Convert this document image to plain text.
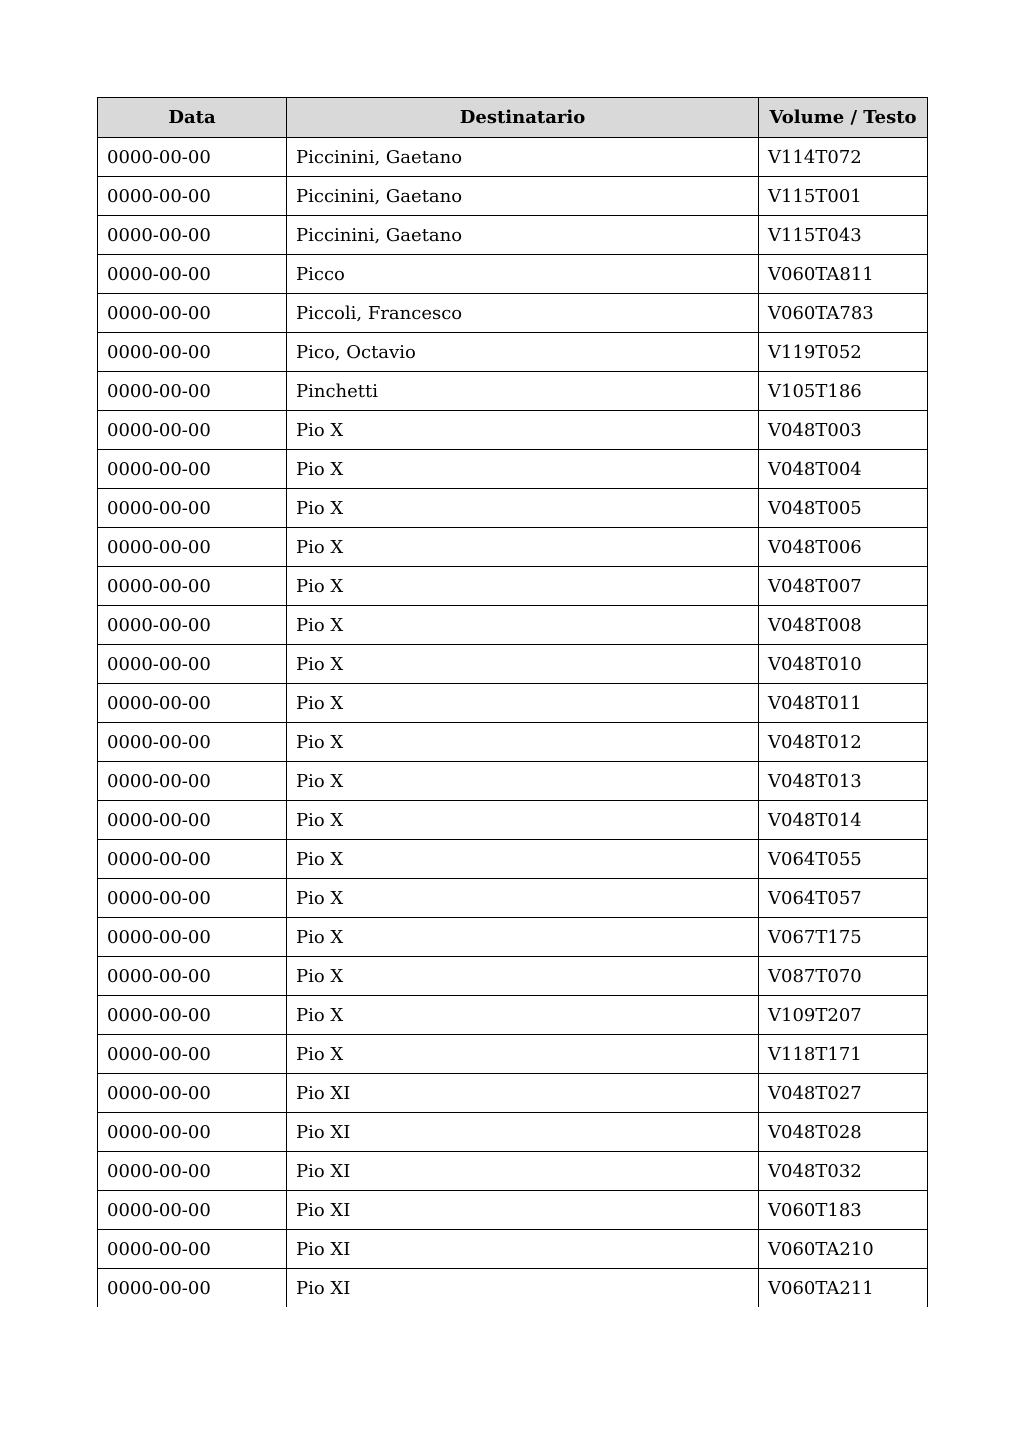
Data	Destinatario	Volume / Testo
0000-00-00	Piccinini, Gaetano	V114T072
0000-00-00	Piccinini, Gaetano	V115T001
0000-00-00	Piccinini, Gaetano	V115T043
0000-00-00	Picco	V060TA811
0000-00-00	Piccoli, Francesco	V060TA783
0000-00-00	Pico, Octavio	V119T052
0000-00-00	Pinchetti	V105T186
0000-00-00	Pio X	V048T003
0000-00-00	Pio X	V048T004
0000-00-00	Pio X	V048T005
0000-00-00	Pio X	V048T006
0000-00-00	Pio X	V048T007
0000-00-00	Pio X	V048T008
0000-00-00	Pio X	V048T010
0000-00-00	Pio X	V048T011
0000-00-00	Pio X	V048T012
0000-00-00	Pio X	V048T013
0000-00-00	Pio X	V048T014
0000-00-00	Pio X	V064T055
0000-00-00	Pio X	V064T057
0000-00-00	Pio X	V067T175
0000-00-00	Pio X	V087T070
0000-00-00	Pio X	V109T207
0000-00-00	Pio X	V118T171
0000-00-00	Pio XI	V048T027
0000-00-00	Pio XI	V048T028
0000-00-00	Pio XI	V048T032
0000-00-00	Pio XI	V060T183
0000-00-00	Pio XI	V060TA210
0000-00-00	Pio XI	V060TA211
